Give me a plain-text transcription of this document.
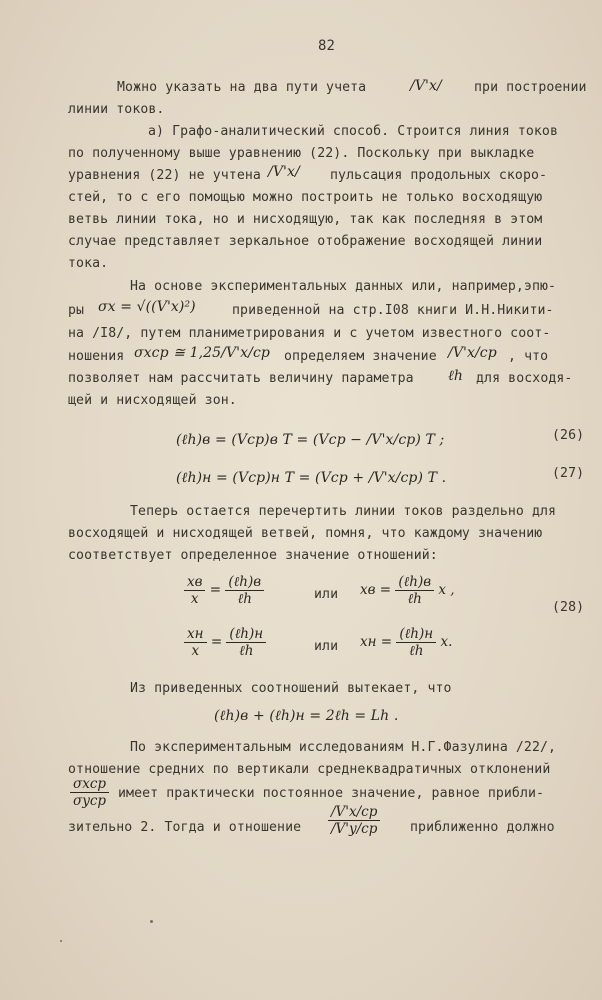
82
Можно указать на два пути учета	/V'x/ при построении
линии токов.
а) Графо-аналитический способ. Строится линия токов
по полученному выше уравнению (22). Поскольку при выкладке
уравнения (22) не учтена /V'x/ пульсация продольных скоро-
стей, то с его помощью можно построить не только восходящую
ветвь линии тока, но и нисходящую, так как последняя в этом
случае представляет зеркальное отображение восходящей линии
тока.
На основе экспериментальных данных или, например,эпю-
ры σx = √((V'x)²)	приведенной на стр.I08 книги И.Н.Никити-
на /I8/, путем планиметрирования и с учетом известного соот-
ношения σxср ≅ 1,25/V'x/ср определяем значение /V'x/ср , что
позволяет нам рассчитать величину параметра ℓh для восходя-
щей и нисходящей зон.
(ℓh)в = (Vср)в T = (Vср − /V'x/ср) T ;	(26)
(ℓh)н = (Vср)н T = (Vср + /V'x/ср) T .	(27)
Теперь остается перечертить линии токов раздельно для
восходящей и нисходящей ветвей, помня, что каждому значению
соответствует определенное значение отношений:
$\frac{xв}{x} = \frac{\text{(ℓh)в}}{\text{ℓh}}$	или xв = $\frac{\text{(ℓh)в}}{\text{ℓh}}$ x ,
(28)
$\frac{xн}{x} = \frac{\text{(ℓh)н}}{\text{ℓh}}$	или xн = $\frac{\text{(ℓh)н}}{\text{ℓh}} x$.
Из приведенных соотношений вытекает, что
(ℓh)в + (ℓh)н = 2ℓh = Lh .
По экспериментальным исследованиям Н.Г.Фазулина /22/,
отношение средних по вертикали среднеквадратичных отклонений
$\frac{\text{σxср}}{\text{σyср}}$ имеет практически постоянное значение, равное прибли-
зительно 2. Тогда и отношение $\frac{/V'x/ср}{/V'y/ср}$ приближенно должно
